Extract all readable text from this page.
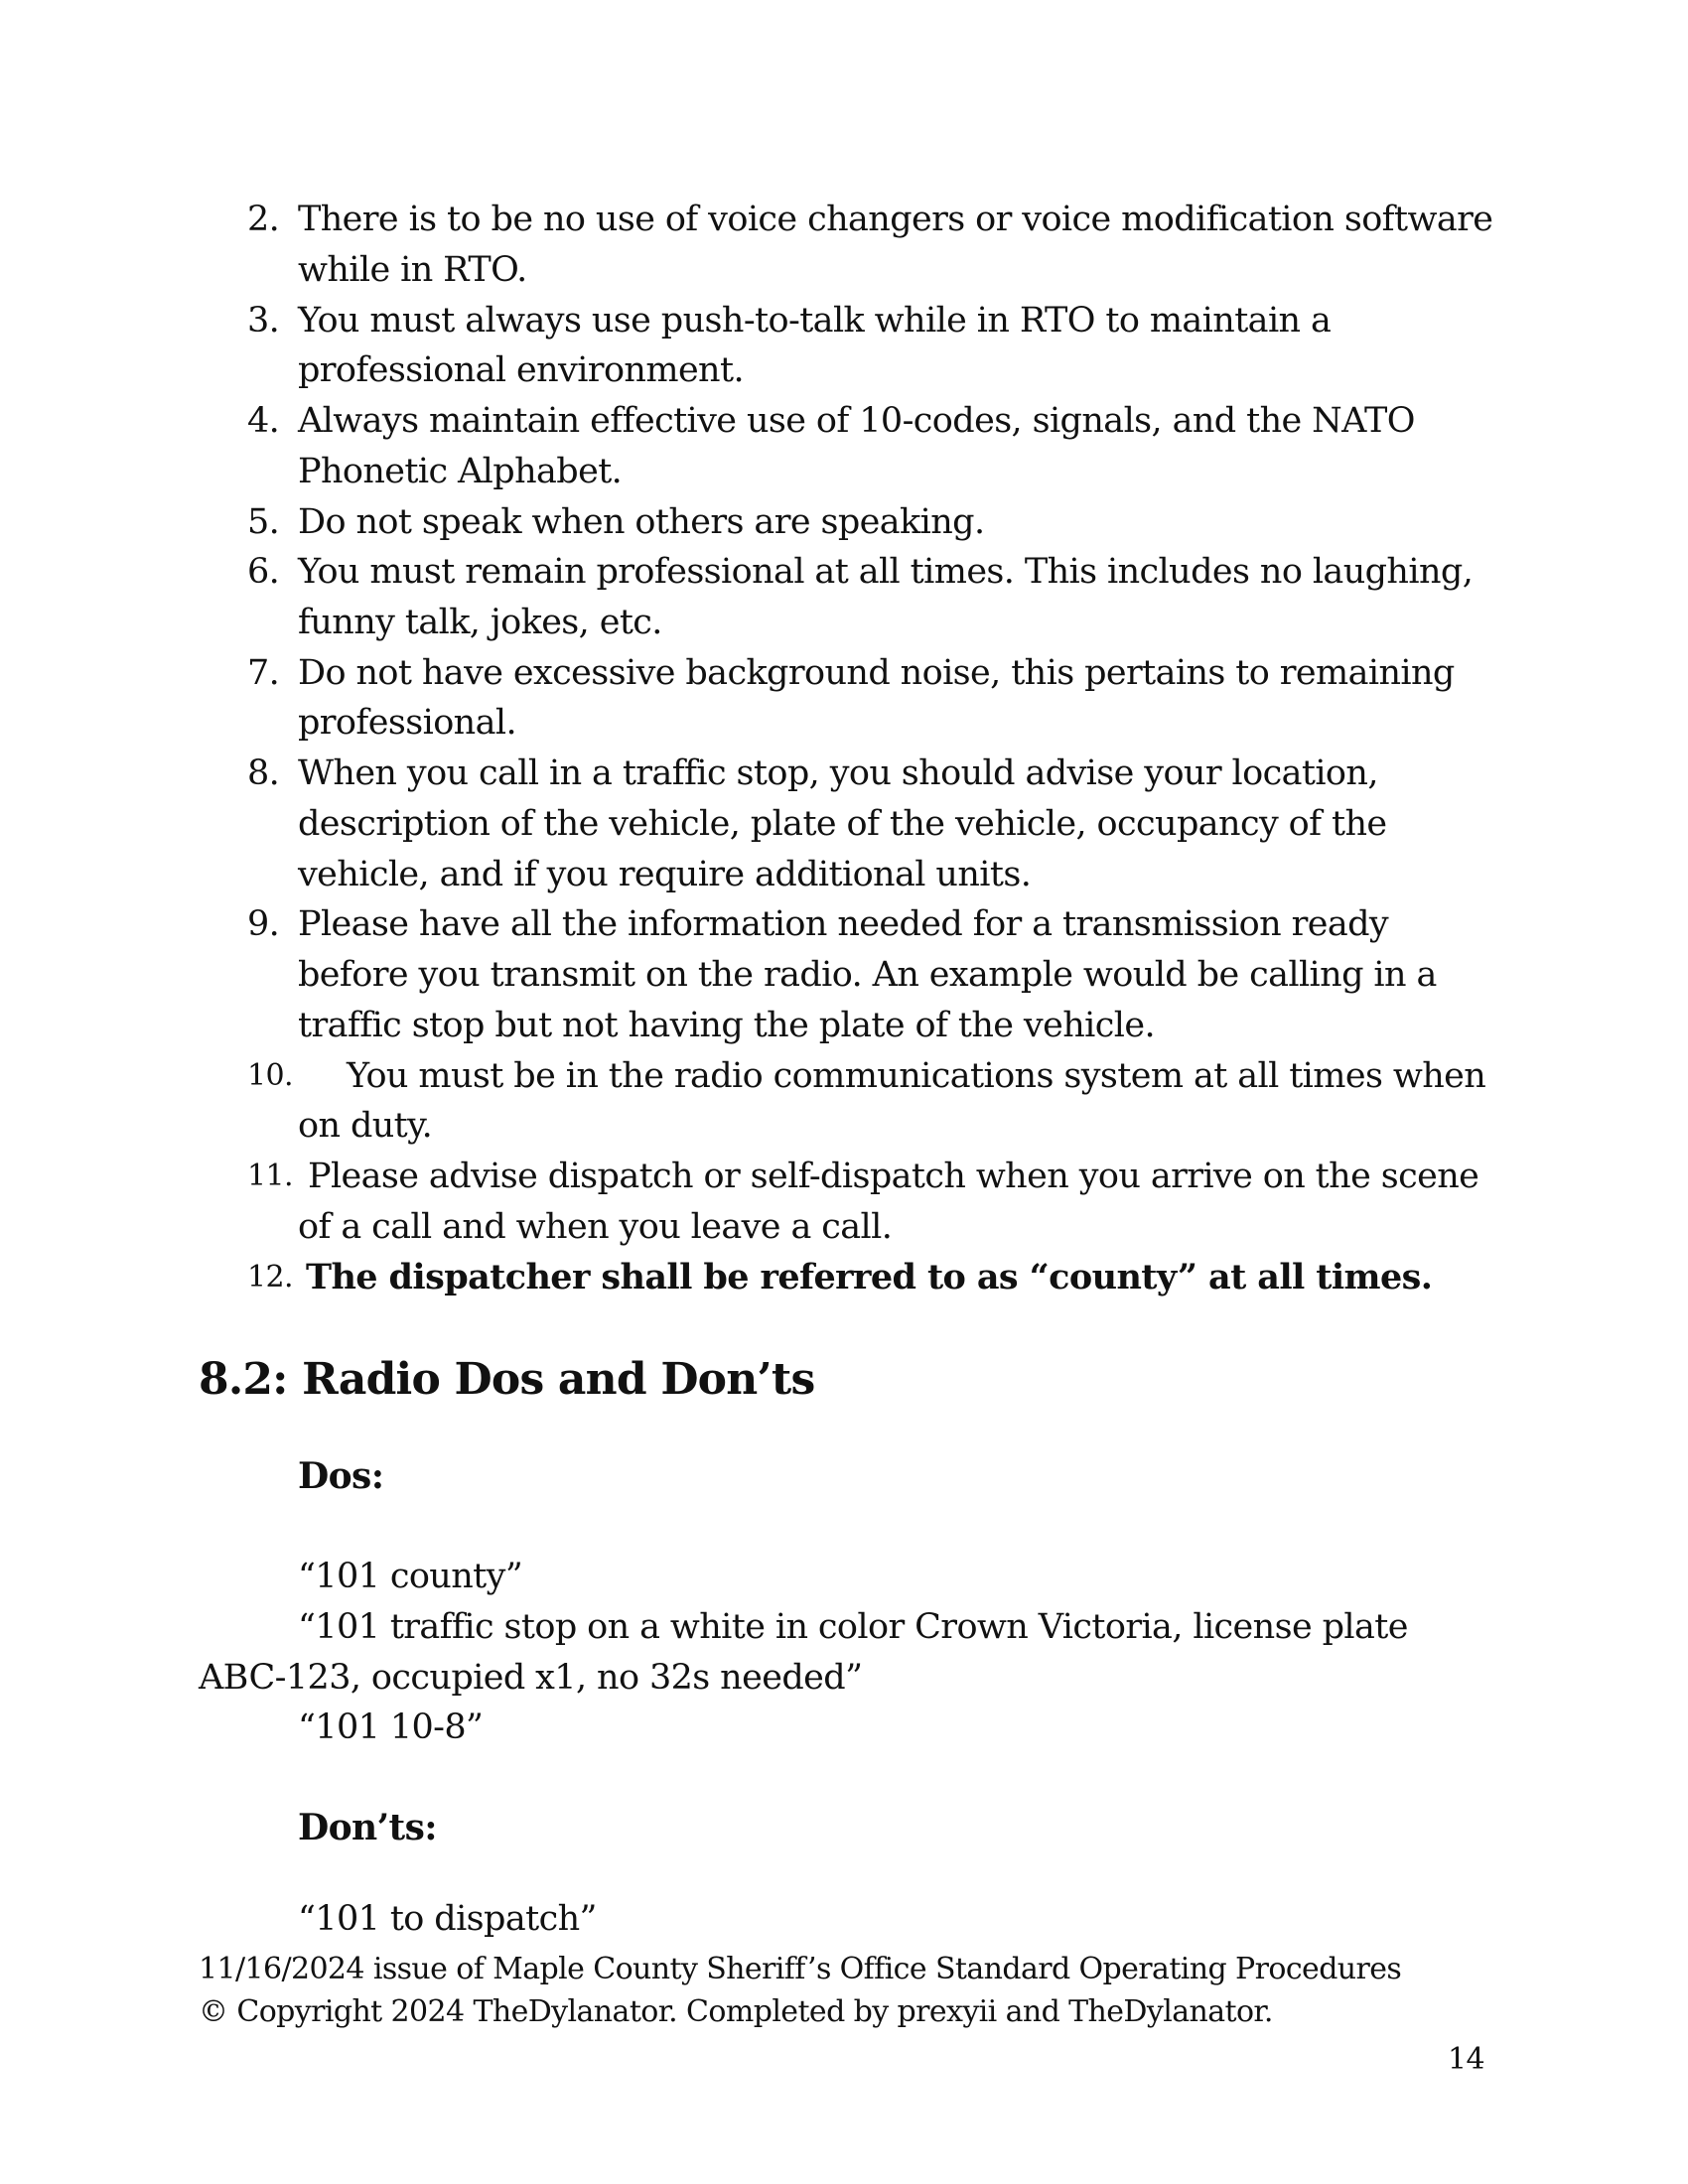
2. There is to be no use of voice changers or voice modification software
while in RTO.
3. You must always use push-to-talk while in RTO to maintain a
professional environment.
4. Always maintain effective use of 10-codes, signals, and the NATO
Phonetic Alphabet.
5. Do not speak when others are speaking.
6. You must remain professional at all times. This includes no laughing,
funny talk, jokes, etc.
7. Do not have excessive background noise, this pertains to remaining
professional.
8. When you call in a traffic stop, you should advise your location,
description of the vehicle, plate of the vehicle, occupancy of the
vehicle, and if you require additional units.
9. Please have all the information needed for a transmission ready
before you transmit on the radio. An example would be calling in a
traffic stop but not having the plate of the vehicle.
10. You must be in the radio communications system at all times when
on duty.
11. Please advise dispatch or self-dispatch when you arrive on the scene
of a call and when you leave a call.
12. The dispatcher shall be referred to as “county” at all times.
8.2: Radio Dos and Don’ts
Dos:
“101 county”
“101 traffic stop on a white in color Crown Victoria, license plate
ABC-123, occupied x1, no 32s needed”
“101 10-8”
Don’ts:
“101 to dispatch”
11/16/2024 issue of Maple County Sheriff’s Office Standard Operating Procedures
© Copyright 2024 TheDylanator. Completed by prexyii and TheDylanator.
14
